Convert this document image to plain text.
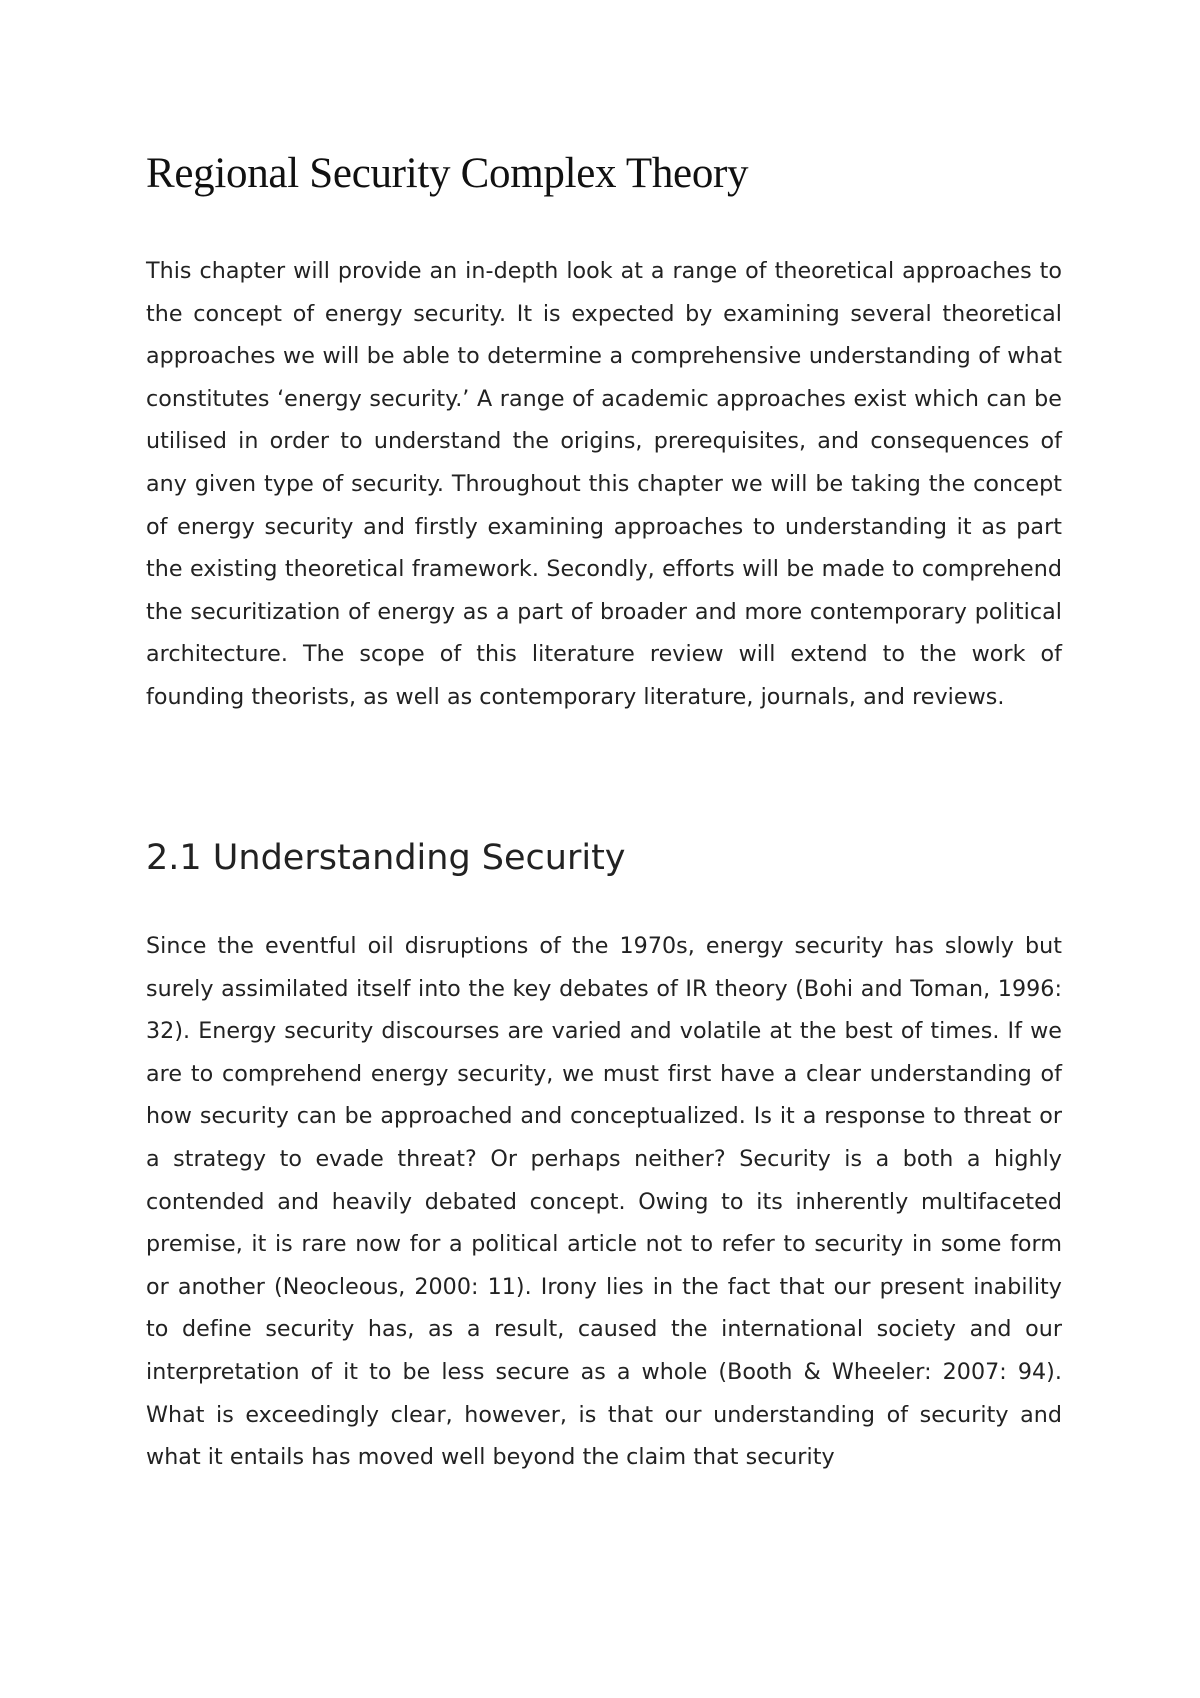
Regional Security Complex Theory

This chapter will provide an in-depth look at a range of theoretical approaches to the concept of energy security. It is expected by examining several theoretical approaches we will be able to determine a comprehensive understanding of what constitutes ‘energy security.’ A range of academic approaches exist which can be utilised in order to understand the origins, prerequisites, and consequences of any given type of security. Throughout this chapter we will be taking the concept of energy security and firstly examining approaches to understanding it as part the existing theoretical framework. Secondly, efforts will be made to comprehend the securitization of energy as a part of broader and more contemporary political architecture. The scope of this literature review will extend to the work of founding theorists, as well as contemporary literature, journals, and reviews.

2.1 Understanding Security

Since the eventful oil disruptions of the 1970s, energy security has slowly but surely assimilated itself into the key debates of IR theory (Bohi and Toman, 1996: 32). Energy security discourses are varied and volatile at the best of times. If we are to comprehend energy security, we must first have a clear understanding of how security can be approached and conceptualized. Is it a response to threat or a strategy to evade threat? Or perhaps neither? Security is a both a highly contended and heavily debated concept. Owing to its inherently multifaceted premise, it is rare now for a political article not to refer to security in some form or another (Neocleous, 2000: 11). Irony lies in the fact that our present inability to define security has, as a result, caused the international society and our interpretation of it to be less secure as a whole (Booth & Wheeler: 2007: 94). What is exceedingly clear, however, is that our understanding of security and what it entails has moved well beyond the claim that security
